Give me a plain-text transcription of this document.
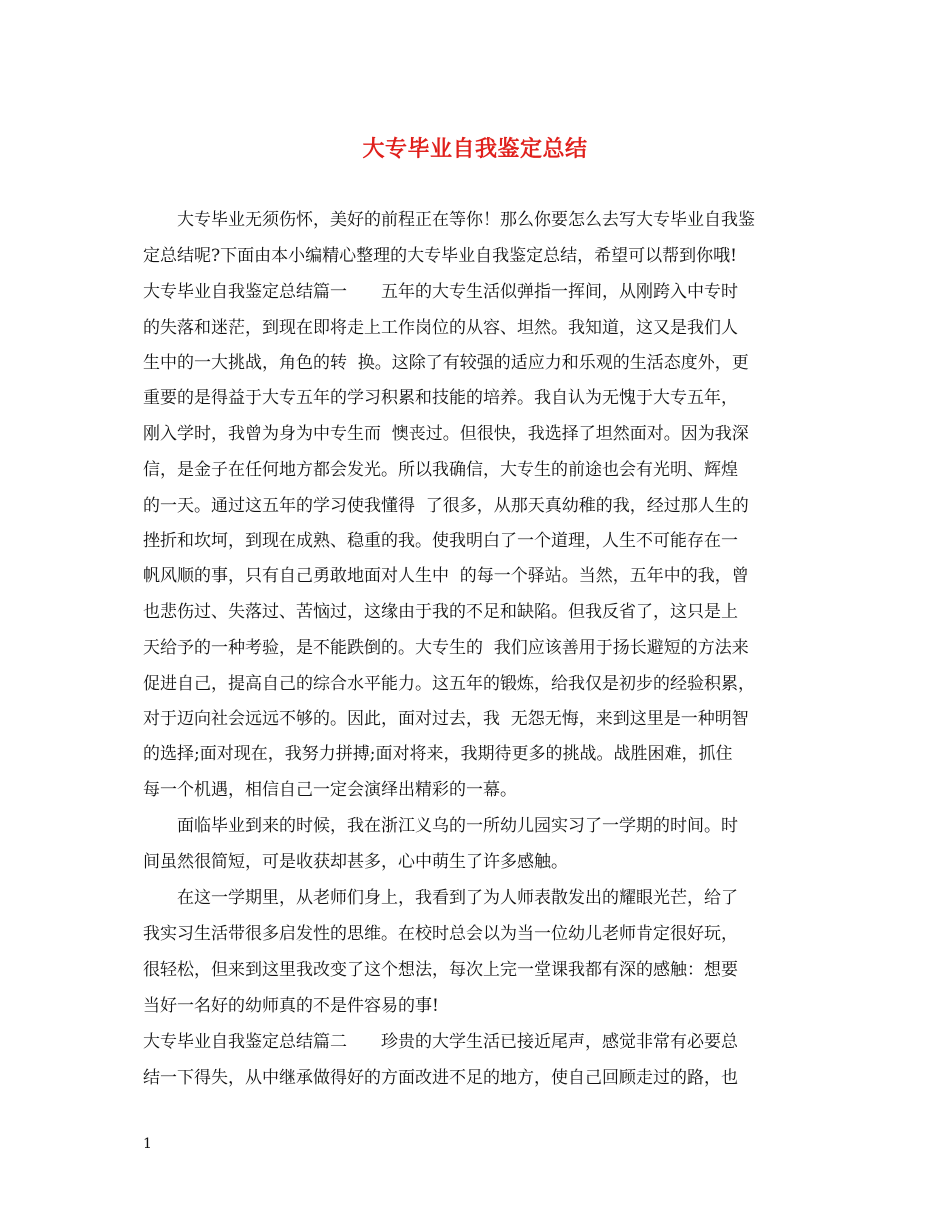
大专毕业自我鉴定总结
　　大专毕业无须伤怀，美好的前程正在等你！那么你要怎么去写大专毕业自我鉴
定总结呢?下面由本小编精心整理的大专毕业自我鉴定总结，希望可以帮到你哦!
大专毕业自我鉴定总结篇一　　五年的大专生活似弹指一挥间，从刚跨入中专时
的失落和迷茫，到现在即将走上工作岗位的从容、坦然。我知道，这又是我们人
生中的一大挑战，角色的转  换。这除了有较强的适应力和乐观的生活态度外，更
重要的是得益于大专五年的学习积累和技能的培养。我自认为无愧于大专五年，
刚入学时，我曾为身为中专生而  懊丧过。但很快，我选择了坦然面对。因为我深
信，是金子在任何地方都会发光。所以我确信，大专生的前途也会有光明、辉煌
的一天。通过这五年的学习使我懂得  了很多，从那天真幼稚的我，经过那人生的
挫折和坎坷，到现在成熟、稳重的我。使我明白了一个道理，人生不可能存在一
帆风顺的事，只有自己勇敢地面对人生中  的每一个驿站。当然，五年中的我，曾
也悲伤过、失落过、苦恼过，这缘由于我的不足和缺陷。但我反省了，这只是上
天给予的一种考验，是不能跌倒的。大专生的  我们应该善用于扬长避短的方法来
促进自己，提高自己的综合水平能力。这五年的锻炼，给我仅是初步的经验积累，
对于迈向社会远远不够的。因此，面对过去，我  无怨无悔，来到这里是一种明智
的选择;面对现在，我努力拼搏;面对将来，我期待更多的挑战。战胜困难，抓住
每一个机遇，相信自己一定会演绎出精彩的一幕。
　　面临毕业到来的时候，我在浙江义乌的一所幼儿园实习了一学期的时间。时
间虽然很简短，可是收获却甚多，心中萌生了许多感触。
　　在这一学期里，从老师们身上，我看到了为人师表散发出的耀眼光芒，给了
我实习生活带很多启发性的思维。在校时总会以为当一位幼儿老师肯定很好玩，
很轻松，但来到这里我改变了这个想法，每次上完一堂课我都有深的感触：想要
当好一名好的幼师真的不是件容易的事!
大专毕业自我鉴定总结篇二　　珍贵的大学生活已接近尾声，感觉非常有必要总
结一下得失，从中继承做得好的方面改进不足的地方，使自己回顾走过的路，也
1
